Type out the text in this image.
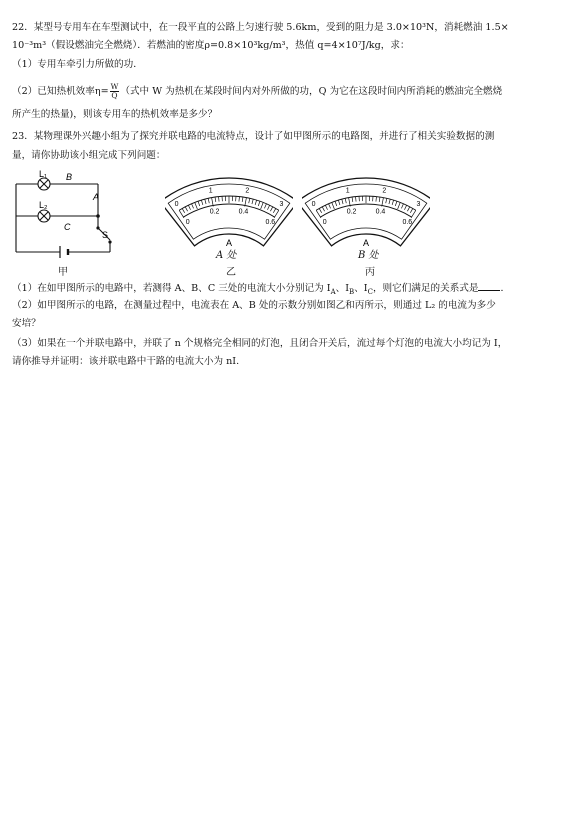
22．某型号专用车在车型测试中，在一段平直的公路上匀速行驶 5.6km，受到的阻力是 3.0×10³N，消耗燃油 1.5×
10⁻³m³（假设燃油完全燃烧）．若燃油的密度ρ=0.8×10³kg/m³，热值 q=4×10⁷J/kg，求：
（1）专用车牵引力所做的功．
（2）已知热机效率$\eta= \frac{W}{Q}$ （式中 W 为热机在某段时间内对外所做的功，Q 为它在这段时间内所消耗的燃油完全燃烧
所产生的热量)，则该专用车的热机效率是多少？
23．某物理课外兴趣小组为了探究并联电路的电流特点，设计了如甲图所示的电路图，并进行了相关实验数据的测
量，请你协助该小组完成下列问题：
L₁
L₂
B
A
C
S
甲
0
1	2
3
0
0.2	0.4
0.6
A
A 处
乙
0
1	2
3
0
0.2	0.4
0.6
A
B 处
丙
（1）在如甲图所示的电路中，若测得 A、B、C 三处的电流大小分别记为 $I_A$、$I_B$、$I_C$，则它们满足的关系式是 ．
（2）如甲图所示的电路，在测量过程中，电流表在 A、B 处的示数分别如图乙和丙所示，则通过 L₂ 的电流为多少
安培？
（3）如果在一个并联电路中，并联了 n 个规格完全相同的灯泡，且闭合开关后，流过每个灯泡的电流大小均记为 I，
请你推导并证明：该并联电路中干路的电流大小为 nI.
